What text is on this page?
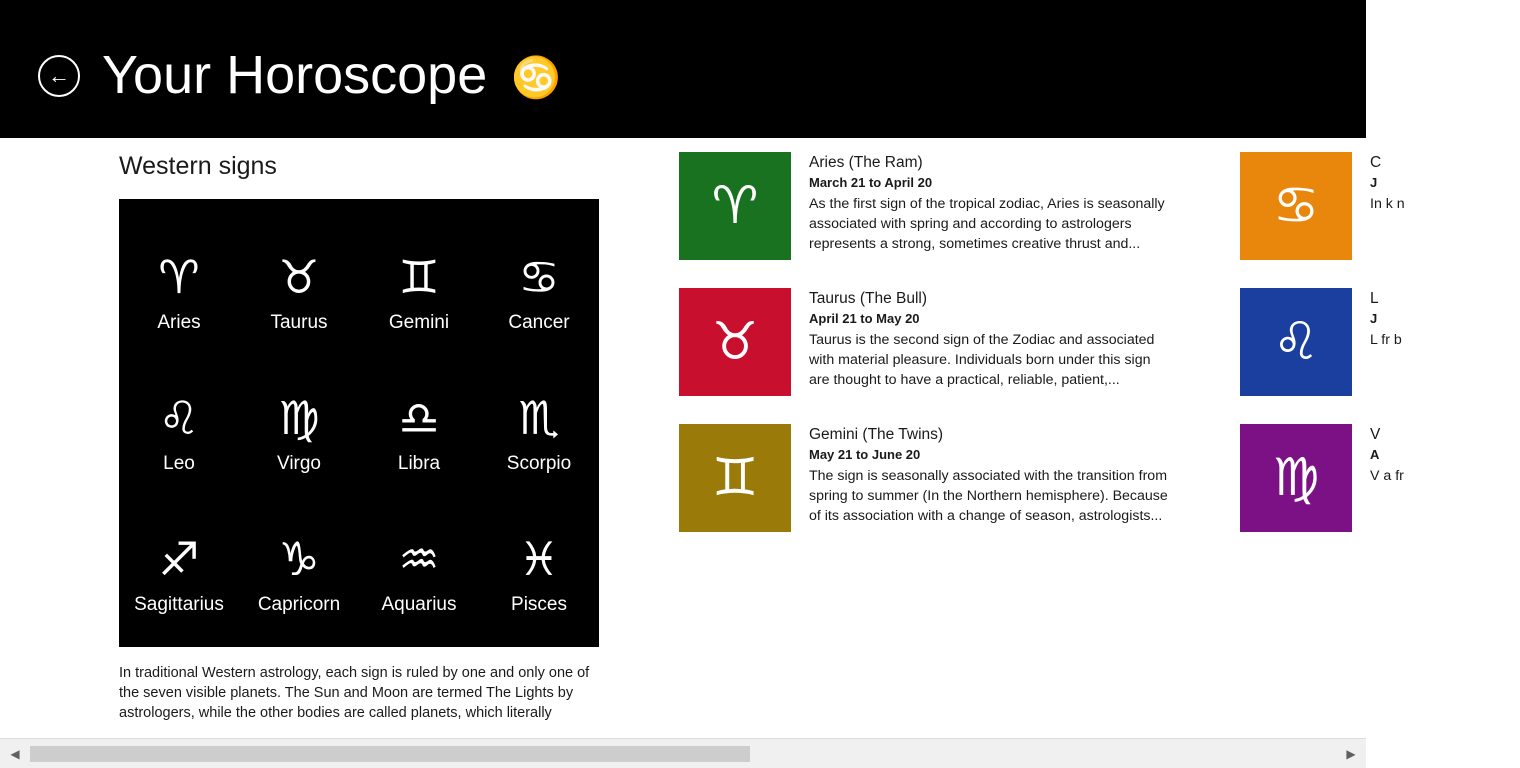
← Your Horoscope ♋
Western signs
♈
Aries
♉
Taurus
♊
Gemini
♋
Cancer
♌
Leo
♍
Virgo
♎
Libra
♏
Scorpio
♐
Sagittarius
♑
Capricorn
♒
Aquarius
♓
Pisces
In traditional Western astrology, each sign is ruled by one and only one of the seven visible planets. The Sun and Moon are termed The Lights by astrologers, while the other bodies are called planets, which literally
♈
Aries (The Ram)
March 21 to April 20
As the first sign of the tropical zodiac, Aries is seasonally associated with spring and according to astrologers represents a strong, sometimes creative thrust and...
♉
Taurus (The Bull)
April 21 to May 20
Taurus is the second sign of the Zodiac and associated with material pleasure. Individuals born under this sign are thought to have a practical, reliable, patient,...
♊
Gemini (The Twins)
May 21 to June 20
The sign is seasonally associated with the transition from spring to summer (In the Northern hemisphere). Because of its association with a change of season, astrologists...
♋
C
J
In k n
♌
L
J
L fr b
♍
V
A
V a fr
◀	▶
